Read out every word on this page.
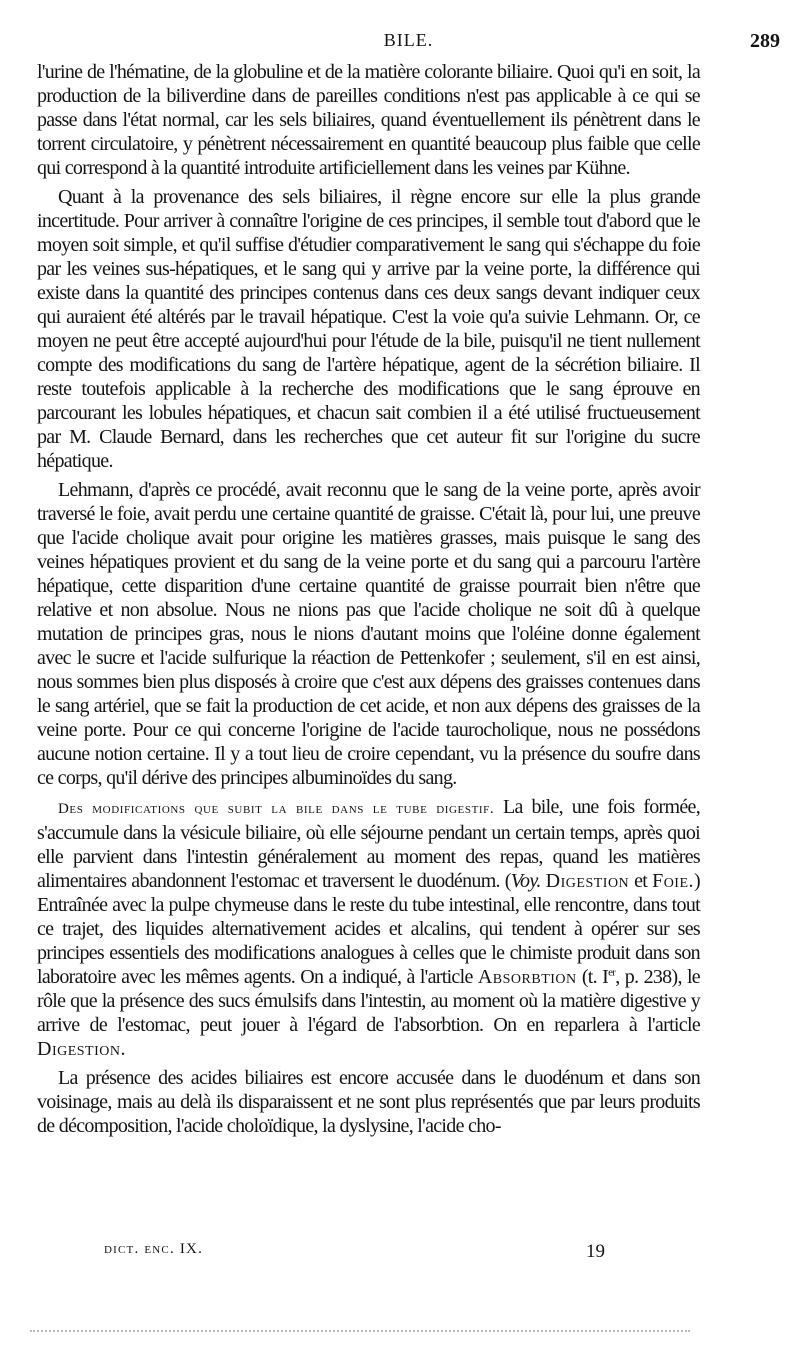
BILE.	289

l'urine de l'hématine, de la globuline et de la matière colorante biliaire. Quoi qu'i en soit, la production de la biliverdine dans de pareilles conditions n'est pas applicable à ce qui se passe dans l'état normal, car les sels biliaires, quand éventuellement ils pénètrent dans le torrent circulatoire, y pénètrent nécessairement en quantité beaucoup plus faible que celle qui correspond à la quantité introduite artificiellement dans les veines par Kühne.

Quant à la provenance des sels biliaires, il règne encore sur elle la plus grande incertitude. Pour arriver à connaître l'origine de ces principes, il semble tout d'abord que le moyen soit simple, et qu'il suffise d'étudier comparativement le sang qui s'échappe du foie par les veines sus-hépatiques, et le sang qui y arrive par la veine porte, la différence qui existe dans la quantité des principes contenus dans ces deux sangs devant indiquer ceux qui auraient été altérés par le travail hépatique. C'est la voie qu'a suivie Lehmann. Or, ce moyen ne peut être accepté aujourd'hui pour l'étude de la bile, puisqu'il ne tient nullement compte des modifications du sang de l'artère hépatique, agent de la sécrétion biliaire. Il reste toutefois applicable à la recherche des modifications que le sang éprouve en parcourant les lobules hépatiques, et chacun sait combien il a été utilisé fructueusement par M. Claude Bernard, dans les recherches que cet auteur fit sur l'origine du sucre hépatique.

Lehmann, d'après ce procédé, avait reconnu que le sang de la veine porte, après avoir traversé le foie, avait perdu une certaine quantité de graisse. C'était là, pour lui, une preuve que l'acide cholique avait pour origine les matières grasses, mais puisque le sang des veines hépatiques provient et du sang de la veine porte et du sang qui a parcouru l'artère hépatique, cette disparition d'une certaine quantité de graisse pourrait bien n'être que relative et non absolue. Nous ne nions pas que l'acide cholique ne soit dû à quelque mutation de principes gras, nous le nions d'autant moins que l'oléine donne également avec le sucre et l'acide sulfurique la réaction de Pettenkofer ; seulement, s'il en est ainsi, nous sommes bien plus disposés à croire que c'est aux dépens des graisses contenues dans le sang artériel, que se fait la production de cet acide, et non aux dépens des graisses de la veine porte. Pour ce qui concerne l'origine de l'acide taurocholique, nous ne possédons aucune notion certaine. Il y a tout lieu de croire cependant, vu la présence du soufre dans ce corps, qu'il dérive des principes albuminoïdes du sang.

Des modifications que subit la bile dans le tube digestif. La bile, une fois formée, s'accumule dans la vésicule biliaire, où elle séjourne pendant un certain temps, après quoi elle parvient dans l'intestin généralement au moment des repas, quand les matières alimentaires abandonnent l'estomac et traversent le duodénum. (Voy. Digestion et Foie.) Entraînée avec la pulpe chymeuse dans le reste du tube intestinal, elle rencontre, dans tout ce trajet, des liquides alternativement acides et alcalins, qui tendent à opérer sur ses principes essentiels des modifications analogues à celles que le chimiste produit dans son laboratoire avec les mêmes agents. On a indiqué, à l'article Absorbtion (t. Ier, p. 238), le rôle que la présence des sucs émulsifs dans l'intestin, au moment où la matière digestive y arrive de l'estomac, peut jouer à l'égard de l'absorbtion. On en reparlera à l'article Digestion.

La présence des acides biliaires est encore accusée dans le duodénum et dans son voisinage, mais au delà ils disparaissent et ne sont plus représentés que par leurs produits de décomposition, l'acide choloïdique, la dyslysine, l'acide cho-

dict. enc. IX.	19
